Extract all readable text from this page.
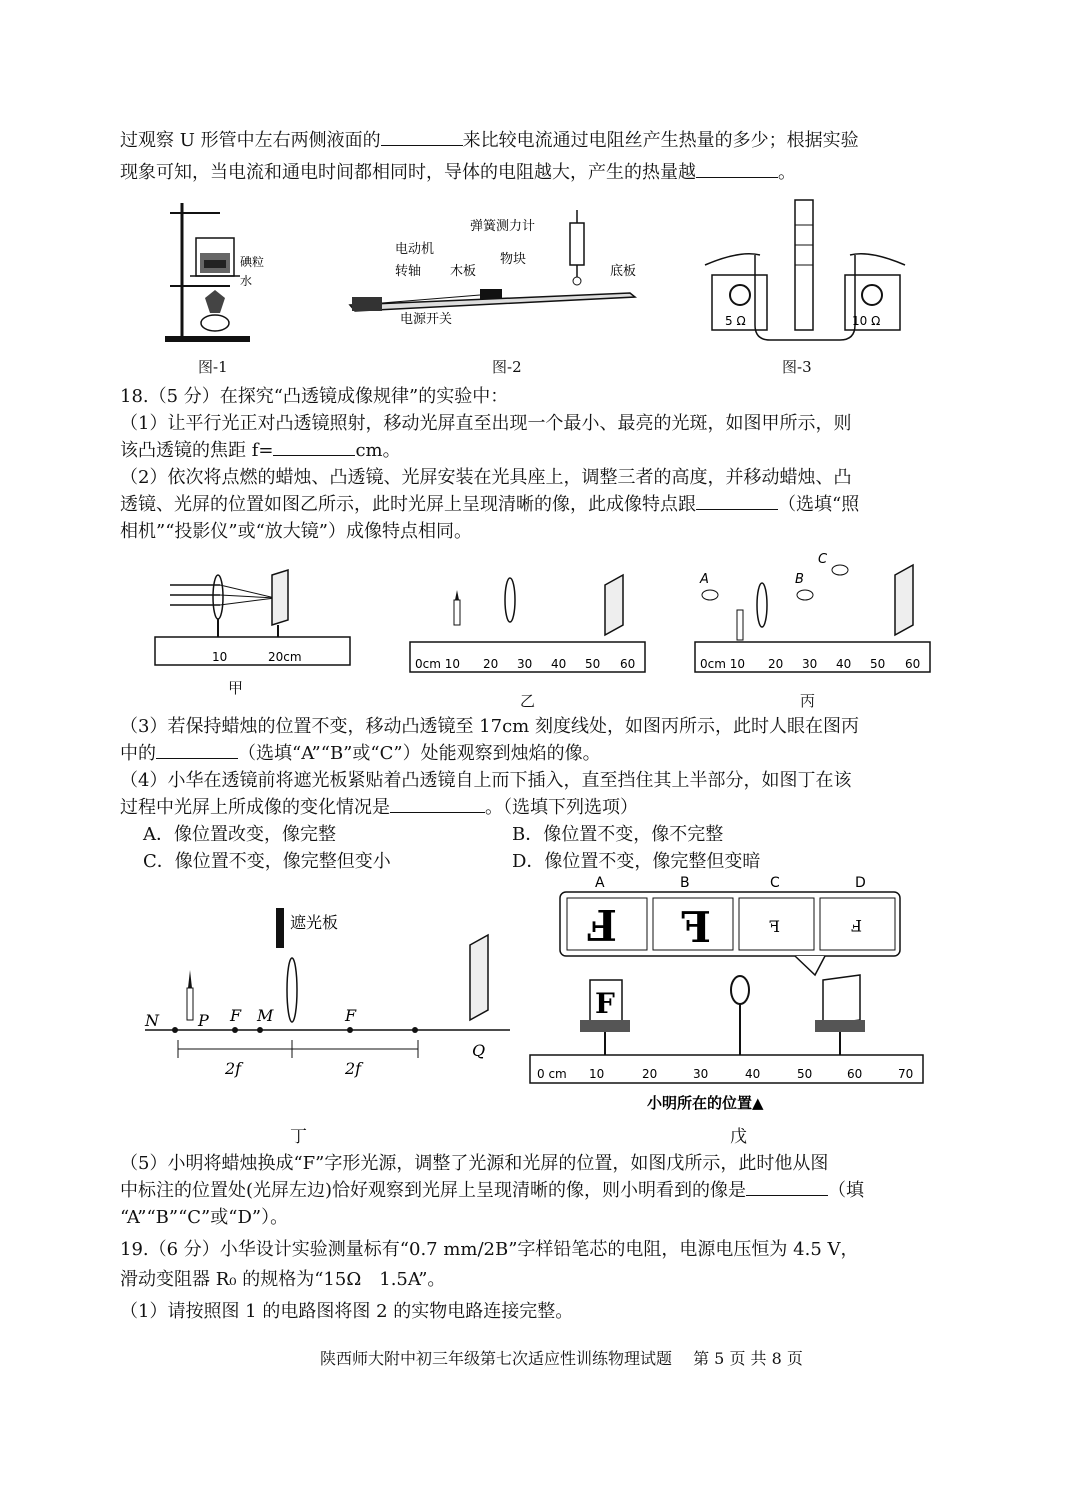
过观察 U 形管中左右两侧液面的	来比较电流通过电阻丝产生热量的多少；根据实验
现象可知，当电流和通电时间都相同时，导体的电阻越大，产生的热量越	。
碘粒
水
图-1
弹簧测力计
电动机
转轴 木板
物块
底板
电源开关
图-2
5 Ω	10 Ω
图-3
18.（5 分）在探究“凸透镜成像规律”的实验中：
（1）让平行光正对凸透镜照射，移动光屏直至出现一个最小、最亮的光斑，如图甲所示，则
该凸透镜的焦距 f=	cm。
（2）依次将点燃的蜡烛、凸透镜、光屏安装在光具座上，调整三者的高度，并移动蜡烛、凸
透镜、光屏的位置如图乙所示，此时光屏上呈现清晰的像，此成像特点跟	（选填“照
相机”“投影仪”或“放大镜”）成像特点相同。
10	20cm
甲
0cm 10 20 30 40 50 60
乙
A	B
C
0cm 10 20 30 40 50 60
丙
（3）若保持蜡烛的位置不变，移动凸透镜至 17cm 刻度线处，如图丙所示，此时人眼在图丙
中的	（选填“A”“B”或“C”）处能观察到烛焰的像。
（4）小华在透镜前将遮光板紧贴着凸透镜自上而下插入，直至挡住其上半部分，如图丁在该
过程中光屏上所成像的变化情况是	。（选填下列选项）
A．像位置改变，像完整	B．像位置不变，像不完整
C．像位置不变，像完整但变小	D．像位置不变，像完整但变暗
遮光板
N P F M	F
Q
2f	2f
丁
A	B	C	D
F F	F	F
F
0 cm 10	20	30	40	50	60	70
小明所在的位置▲
戊
（5）小明将蜡烛换成“F”字形光源，调整了光源和光屏的位置，如图戊所示，此时他从图
中标注的位置处(光屏左边)恰好观察到光屏上呈现清晰的像，则小明看到的像是	（填
“A”“B”“C”或“D”）。
19.（6 分）小华设计实验测量标有“0.7 mm/2B”字样铅笔芯的电阻，电源电压恒为 4.5 V，
滑动变阻器 R₀ 的规格为“15Ω　1.5A”。
（1）请按照图 1 的电路图将图 2 的实物电路连接完整。
陕西师大附中初三年级第七次适应性训练物理试题　 第 5 页 共 8 页
